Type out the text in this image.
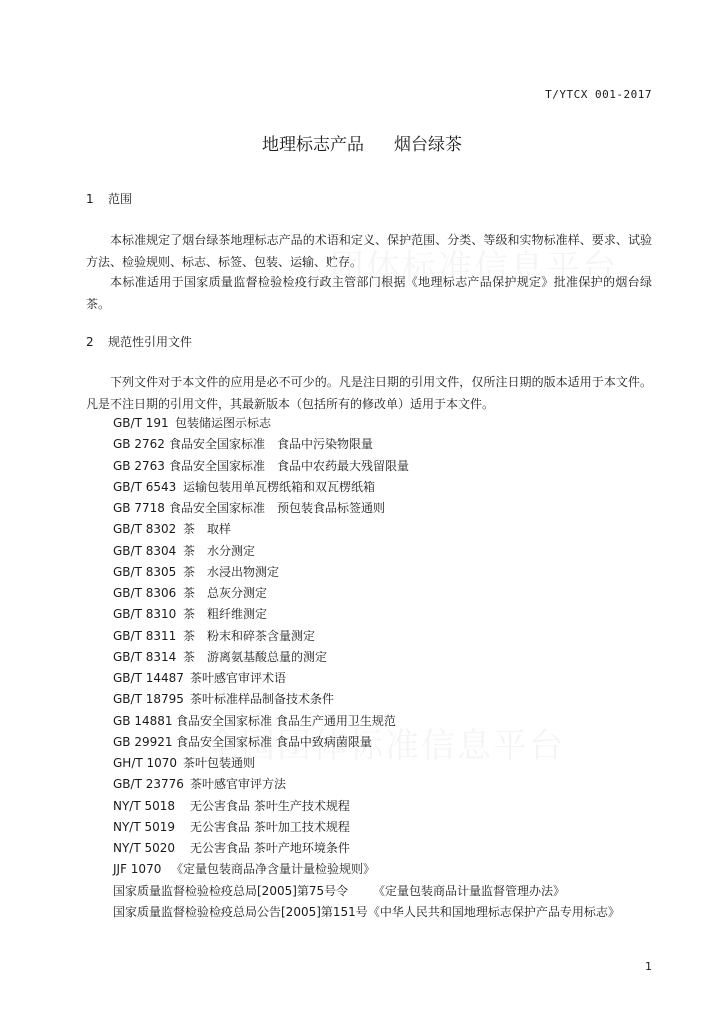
T/YTCX 001-2017
地理标志产品 烟台绿茶
1 范围
本标准规定了烟台绿茶地理标志产品的术语和定义、保护范围、分类、等级和实物标准样、要求、试验方法、检验规则、标志、标签、包装、运输、贮存。
本标准适用于国家质量监督检验检疫行政主管部门根据《地理标志产品保护规定》批准保护的烟台绿茶。
2 规范性引用文件
下列文件对于本文件的应用是必不可少的。凡是注日期的引用文件，仅所注日期的版本适用于本文件。凡是不注日期的引用文件，其最新版本（包括所有的修改单）适用于本文件。
GB/T 191 包装储运图示标志
GB 2762 食品安全国家标准　食品中污染物限量
GB 2763 食品安全国家标准　食品中农药最大残留限量
GB/T 6543 运输包装用单瓦楞纸箱和双瓦楞纸箱
GB 7718 食品安全国家标准　预包装食品标签通则
GB/T 8302 茶　取样
GB/T 8304 茶　水分测定
GB/T 8305 茶　水浸出物测定
GB/T 8306 茶　总灰分测定
GB/T 8310 茶　粗纤维测定
GB/T 8311 茶　粉末和碎茶含量测定
GB/T 8314 茶　游离氨基酸总量的测定
GB/T 14487 茶叶感官审评术语
GB/T 18795 茶叶标准样品制备技术条件
GB 14881 食品安全国家标准 食品生产通用卫生规范
GB 29921 食品安全国家标准 食品中致病菌限量
GH/T 1070 茶叶包装通则
GB/T 23776 茶叶感官审评方法
NY/T 5018 无公害食品 茶叶生产技术规程
NY/T 5019 无公害食品 茶叶加工技术规程
NY/T 5020 无公害食品 茶叶产地环境条件
JJF 1070 《定量包装商品净含量计量检验规则》
国家质量监督检验检疫总局[2005]第75号令 《定量包装商品计量监督管理办法》
国家质量监督检验检疫总局公告[2005]第151号《中华人民共和国地理标志保护产品专用标志》
1
